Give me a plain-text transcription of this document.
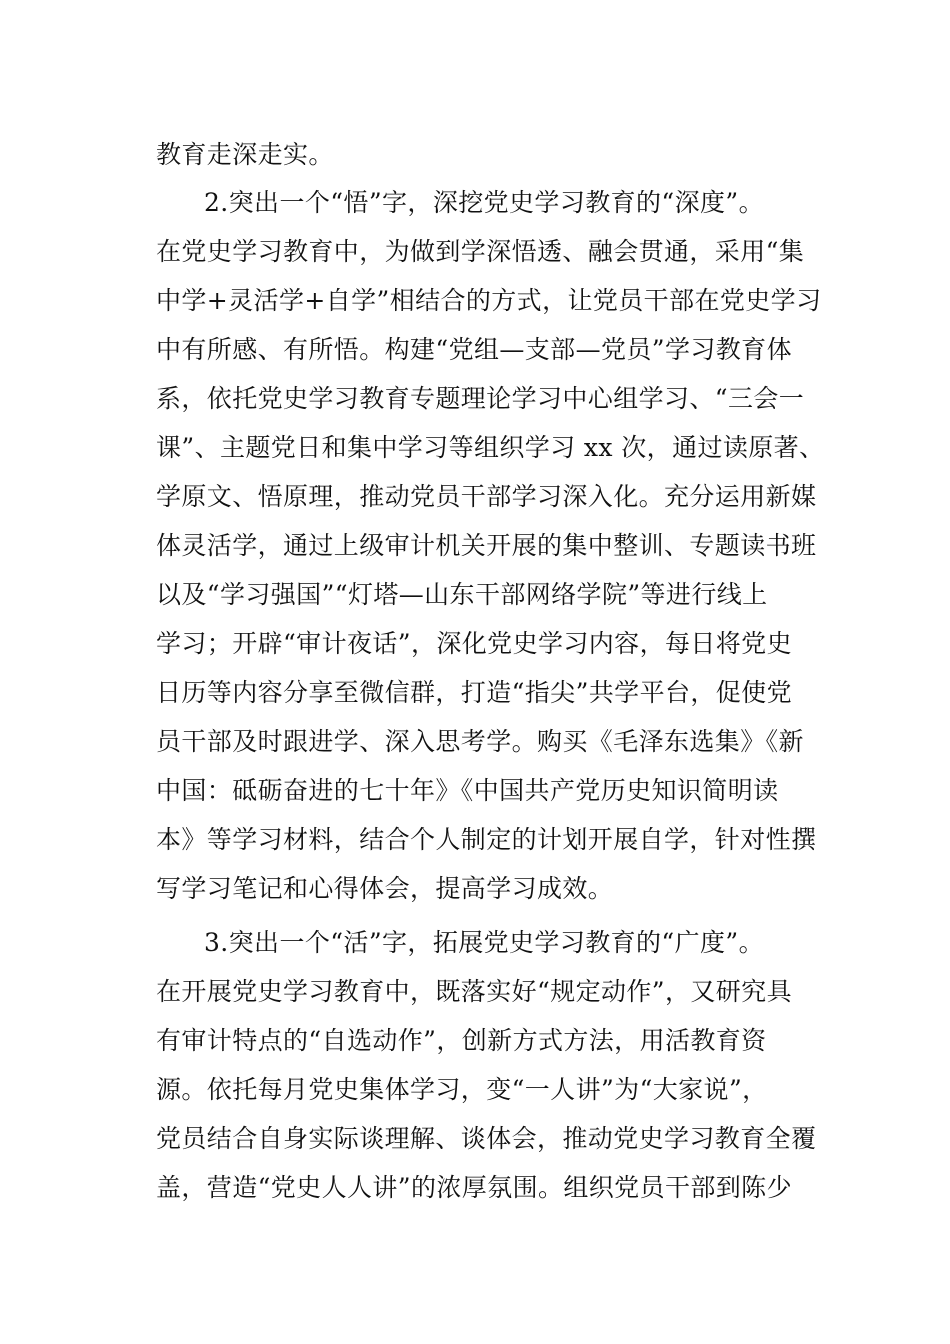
教育走深走实。
2.突出一个“悟”字，深挖党史学习教育的“深度”。
在党史学习教育中，为做到学深悟透、融会贯通，采用“集
中学+灵活学+自学”相结合的方式，让党员干部在党史学习
中有所感、有所悟。构建“党组—支部—党员”学习教育体
系，依托党史学习教育专题理论学习中心组学习、“三会一
课”、主题党日和集中学习等组织学习 xx 次，通过读原著、
学原文、悟原理，推动党员干部学习深入化。充分运用新媒
体灵活学，通过上级审计机关开展的集中整训、专题读书班
以及“学习强国”“灯塔—山东干部网络学院”等进行线上
学习；开辟“审计夜话”，深化党史学习内容，每日将党史
日历等内容分享至微信群，打造“指尖”共学平台，促使党
员干部及时跟进学、深入思考学。购买《毛泽东选集》《新
中国：砥砺奋进的七十年》《中国共产党历史知识简明读
本》等学习材料，结合个人制定的计划开展自学，针对性撰
写学习笔记和心得体会，提高学习成效。
3.突出一个“活”字，拓展党史学习教育的“广度”。
在开展党史学习教育中，既落实好“规定动作”，又研究具
有审计特点的“自选动作”，创新方式方法，用活教育资
源。依托每月党史集体学习，变“一人讲”为“大家说”，
党员结合自身实际谈理解、谈体会，推动党史学习教育全覆
盖，营造“党史人人讲”的浓厚氛围。组织党员干部到陈少
